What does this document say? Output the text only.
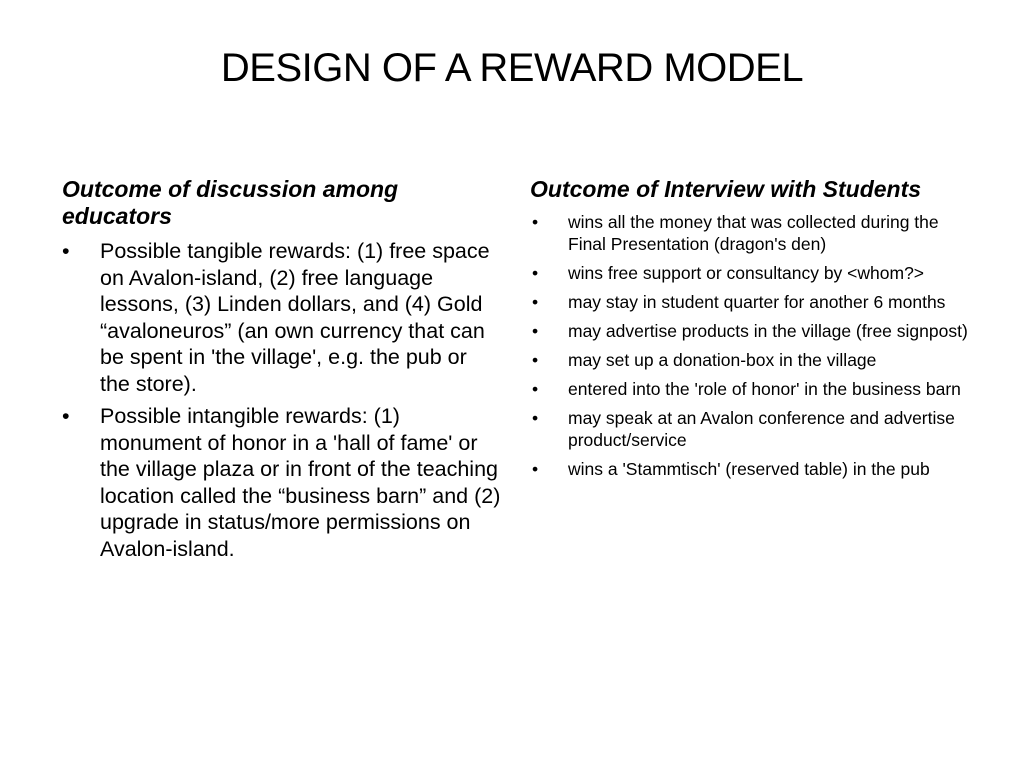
DESIGN OF A REWARD MODEL
Outcome of discussion among educators
• Possible tangible rewards: (1) free space on Avalon-island, (2) free language lessons, (3) Linden dollars, and (4) Gold “avaloneuros” (an own currency that can be spent in 'the village', e.g. the pub or the store).
• Possible intangible rewards: (1) monument of honor in a 'hall of fame' or the village plaza or in front of the teaching location called the “business barn” and (2) upgrade in status/more permissions on Avalon-island.
Outcome of Interview with Students
• wins all the money that was collected during the Final Presentation (dragon's den)
• wins free support or consultancy by <whom?>
• may stay in student quarter for another 6 months
• may advertise products in the village (free signpost)
• may set up a donation-box in the village
• entered into the 'role of honor' in the business barn
• may speak at an Avalon conference and advertise product/service
• wins a 'Stammtisch' (reserved table) in the pub
